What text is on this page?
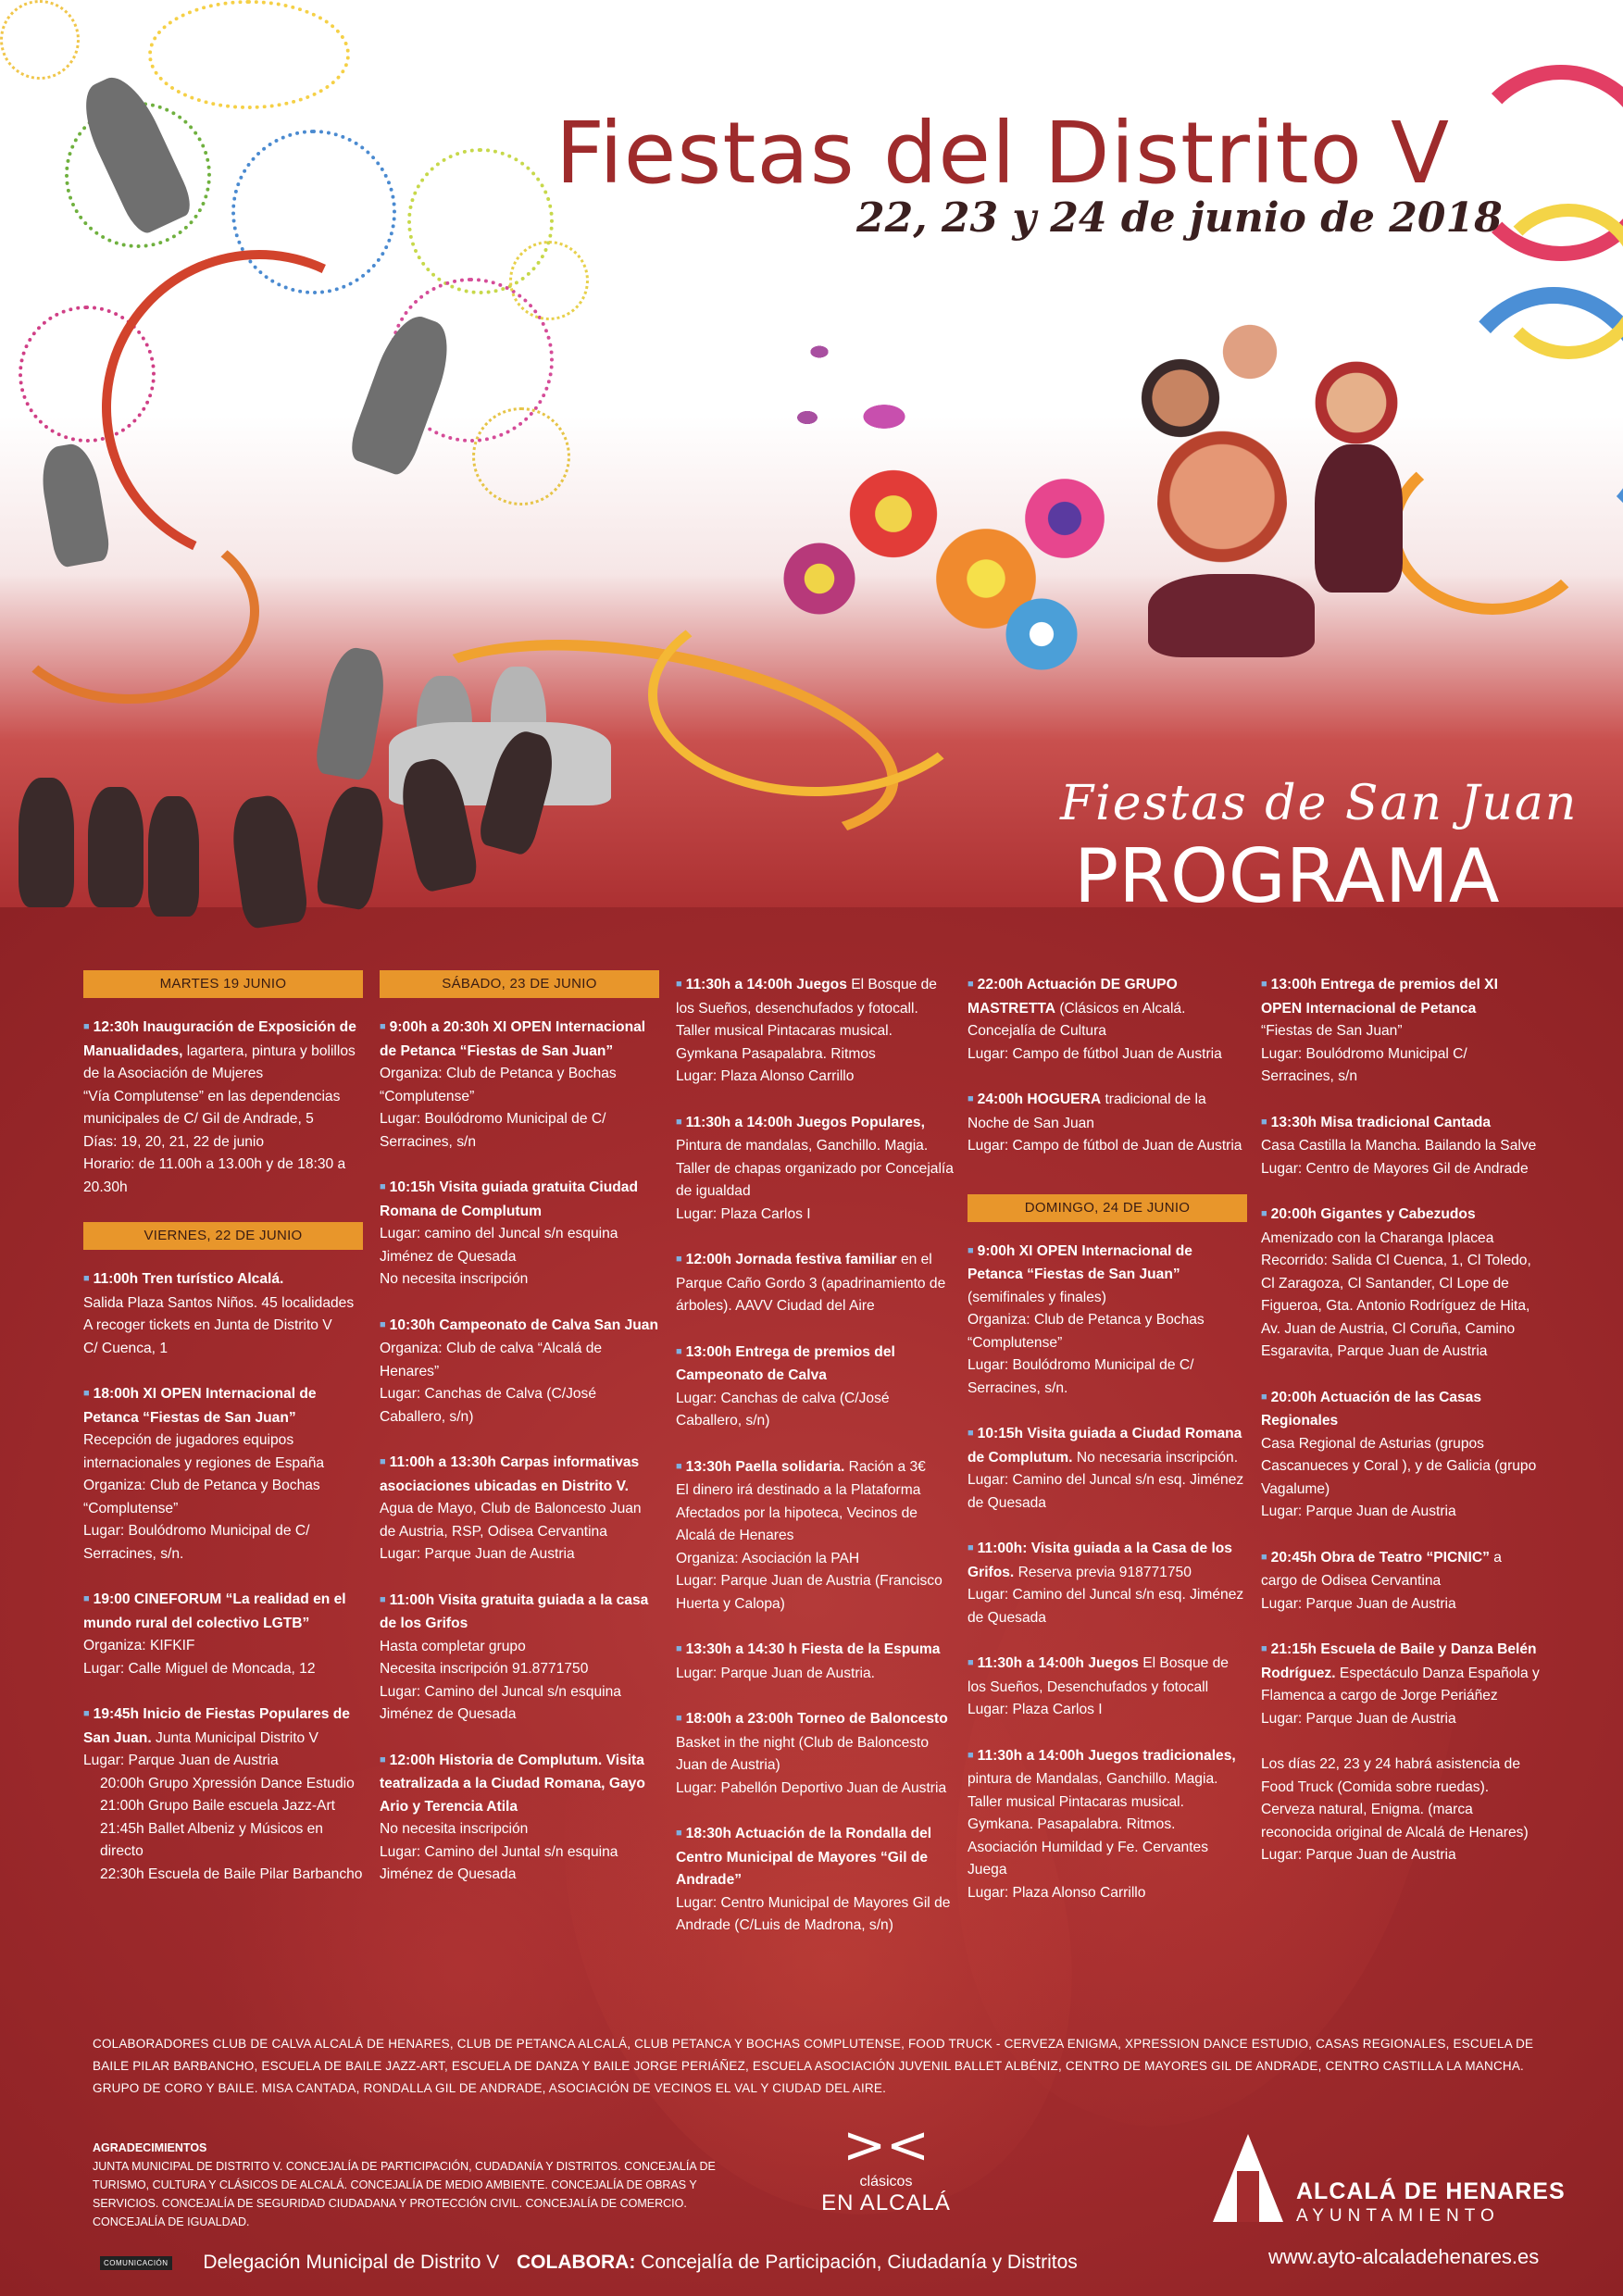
Fiestas del Distrito V
22, 23 y 24 de junio de 2018
Fiestas de San Juan
PROGRAMA
MARTES 19 JUNIO
■ 12:30h Inauguración de Exposición de Manualidades, lagartera, pintura y bolillos de la Asociación de Mujeres
“Vía Complutense” en las dependencias
municipales de C/ Gil de Andrade, 5
Días: 19, 20, 21, 22 de junio
Horario: de 11.00h a 13.00h y de 18:30 a 20.30h
VIERNES, 22 DE JUNIO
■ 11:00h Tren turístico Alcalá.
Salida Plaza Santos Niños. 45 localidades
A recoger tickets en Junta de Distrito V
C/ Cuenca, 1
■ 18:00h XI OPEN Internacional de Petanca “Fiestas de San Juan”
Recepción de jugadores equipos internacionales y regiones de España
Organiza: Club de Petanca y Bochas “Complutense”
Lugar: Boulódromo Municipal de C/ Serracines, s/n.
■ 19:00 CINEFORUM “La realidad en el mundo rural del colectivo LGTB”
Organiza: KIFKIF
Lugar: Calle Miguel de Moncada, 12
■ 19:45h Inicio de Fiestas Populares de San Juan. Junta Municipal Distrito V
Lugar: Parque Juan de Austria
20:00h Grupo Xpressión Dance Estudio
21:00h Grupo Baile escuela Jazz-Art
21:45h Ballet Albeniz y Músicos en directo
22:30h Escuela de Baile Pilar Barbancho
SÁBADO, 23 DE JUNIO
■ 9:00h a 20:30h XI OPEN Internacional de Petanca “Fiestas de San Juan”
Organiza: Club de Petanca y Bochas “Complutense”
Lugar: Boulódromo Municipal de C/ Serracines, s/n
■ 10:15h Visita guiada gratuita Ciudad Romana de Complutum
Lugar: camino del Juncal s/n esquina Jiménez de Quesada
No necesita inscripción
■ 10:30h Campeonato de Calva San Juan
Organiza: Club de calva “Alcalá de Henares”
Lugar: Canchas de Calva (C/José Caballero, s/n)
■ 11:00h a 13:30h Carpas informativas asociaciones ubicadas en Distrito V. Agua de Mayo, Club de Baloncesto Juan de Austria, RSP, Odisea Cervantina
Lugar: Parque Juan de Austria
■ 11:00h Visita gratuita guiada a la casa de los Grifos
Hasta completar grupo
Necesita inscripción 91.8771750
Lugar: Camino del Juncal s/n esquina Jiménez de Quesada
■ 12:00h Historia de Complutum. Visita teatralizada a la Ciudad Romana, Gayo Ario y Terencia Atila
No necesita inscripción
Lugar: Camino del Juntal s/n esquina Jiménez de Quesada
■ 11:30h a 14:00h Juegos El Bosque de los Sueños, desenchufados y fotocall. Taller musical Pintacaras musical. Gymkana Pasapalabra. Ritmos
Lugar: Plaza Alonso Carrillo
■ 11:30h a 14:00h Juegos Populares,
Pintura de mandalas, Ganchillo. Magia. Taller de chapas organizado por Concejalía de igualdad
Lugar: Plaza Carlos I
■ 12:00h Jornada festiva familiar en el Parque Caño Gordo 3 (apadrinamiento de árboles). AAVV Ciudad del Aire
■ 13:00h Entrega de premios del Campeonato de Calva
Lugar: Canchas de calva (C/José Caballero, s/n)
■ 13:30h Paella solidaria. Ración a 3€
El dinero irá destinado a la Plataforma Afectados por la hipoteca, Vecinos de Alcalá de Henares
Organiza: Asociación la PAH
Lugar: Parque Juan de Austria (Francisco Huerta y Calopa)
■ 13:30h a 14:30 h Fiesta de la Espuma
Lugar: Parque Juan de Austria.
■ 18:00h a 23:00h Torneo de Baloncesto
Basket in the night (Club de Baloncesto Juan de Austria)
Lugar: Pabellón Deportivo Juan de Austria
■ 18:30h Actuación de la Rondalla del Centro Municipal de Mayores “Gil de Andrade”
Lugar: Centro Municipal de Mayores Gil de Andrade (C/Luis de Madrona, s/n)
■ 22:00h Actuación DE GRUPO MASTRETTA (Clásicos en Alcalá. Concejalía de Cultura
Lugar: Campo de fútbol Juan de Austria
■ 24:00h HOGUERA tradicional de la Noche de San Juan
Lugar: Campo de fútbol de Juan de Austria
DOMINGO, 24 DE JUNIO
■ 9:00h XI OPEN Internacional de Petanca “Fiestas de San Juan”
(semifinales y finales)
Organiza: Club de Petanca y Bochas “Complutense”
Lugar: Boulódromo Municipal de C/ Serracines, s/n.
■ 10:15h Visita guiada a Ciudad Romana de Complutum. No necesaria inscripción. Lugar: Camino del Juncal s/n esq. Jiménez de Quesada
■ 11:00h: Visita guiada a la Casa de los Grifos. Reserva previa 918771750
Lugar: Camino del Juncal s/n esq. Jiménez de Quesada
■ 11:30h a 14:00h Juegos El Bosque de los Sueños, Desenchufados y fotocall
Lugar: Plaza Carlos I
■ 11:30h a 14:00h Juegos tradicionales, pintura de Mandalas, Ganchillo. Magia. Taller musical Pintacaras musical. Gymkana. Pasapalabra. Ritmos. Asociación Humildad y Fe. Cervantes Juega
Lugar: Plaza Alonso Carrillo
■ 13:00h Entrega de premios del XI OPEN Internacional de Petanca
“Fiestas de San Juan”
Lugar: Boulódromo Municipal C/ Serracines, s/n
■ 13:30h Misa tradicional Cantada
Casa Castilla la Mancha. Bailando la Salve
Lugar: Centro de Mayores Gil de Andrade
■ 20:00h Gigantes y Cabezudos
Amenizado con la Charanga Iplacea
Recorrido: Salida Cl Cuenca, 1, Cl Toledo, Cl Zaragoza, Cl Santander, Cl Lope de Figueroa, Gta. Antonio Rodríguez de Hita, Av. Juan de Austria, Cl Coruña, Camino Esgaravita, Parque Juan de Austria
■ 20:00h Actuación de las Casas Regionales
Casa Regional de Asturias (grupos Cascanueces y Coral ), y de Galicia (grupo Vagalume)
Lugar: Parque Juan de Austria
■ 20:45h Obra de Teatro “PICNIC” a cargo de Odisea Cervantina
Lugar: Parque Juan de Austria
■ 21:15h Escuela de Baile y Danza Belén Rodríguez. Espectáculo Danza Española y Flamenca a cargo de Jorge Periáñez
Lugar: Parque Juan de Austria
Los días 22, 23 y 24 habrá asistencia de Food Truck (Comida sobre ruedas). Cerveza natural, Enigma. (marca reconocida original de Alcalá de Henares)
Lugar: Parque Juan de Austria
COLABORADORES CLUB DE CALVA ALCALÁ DE HENARES, CLUB DE PETANCA ALCALÁ, CLUB PETANCA Y BOCHAS COMPLUTENSE, FOOD TRUCK - CERVEZA ENIGMA, XPRESSION DANCE ESTUDIO, CASAS REGIONALES, ESCUELA DE BAILE PILAR BARBANCHO, ESCUELA DE BAILE JAZZ-ART, ESCUELA DE DANZA Y BAILE JORGE PERIÁÑEZ, ESCUELA ASOCIACIÓN JUVENIL BALLET ALBÉNIZ, CENTRO DE MAYORES GIL DE ANDRADE, CENTRO CASTILLA LA MANCHA. GRUPO DE CORO Y BAILE. MISA CANTADA, RONDALLA GIL DE ANDRADE, ASOCIACIÓN DE VECINOS EL VAL Y CIUDAD DEL AIRE.
AGRADECIMIENTOS
JUNTA MUNICIPAL DE DISTRITO V. CONCEJALÍA DE PARTICIPACIÓN, CUDADANÍA Y DISTRITOS. CONCEJALÍA DE TURISMO, CULTURA Y CLÁSICOS DE ALCALÁ. CONCEJALÍA DE MEDIO AMBIENTE. CONCEJALÍA DE OBRAS Y SERVICIOS. CONCEJALÍA DE SEGURIDAD CIUDADANA Y PROTECCIÓN CIVIL. CONCEJALÍA DE COMERCIO. CONCEJALÍA DE IGUALDAD.
><
clásicos
EN ALCALÁ	ALCALÁ DE HENARES
AYUNTAMIENTO
www.ayto-alcaladehenares.es
COMUNICACIÓN Delegación Municipal de Distrito V COLABORA: Concejalía de Participación, Ciudadanía y Distritos
